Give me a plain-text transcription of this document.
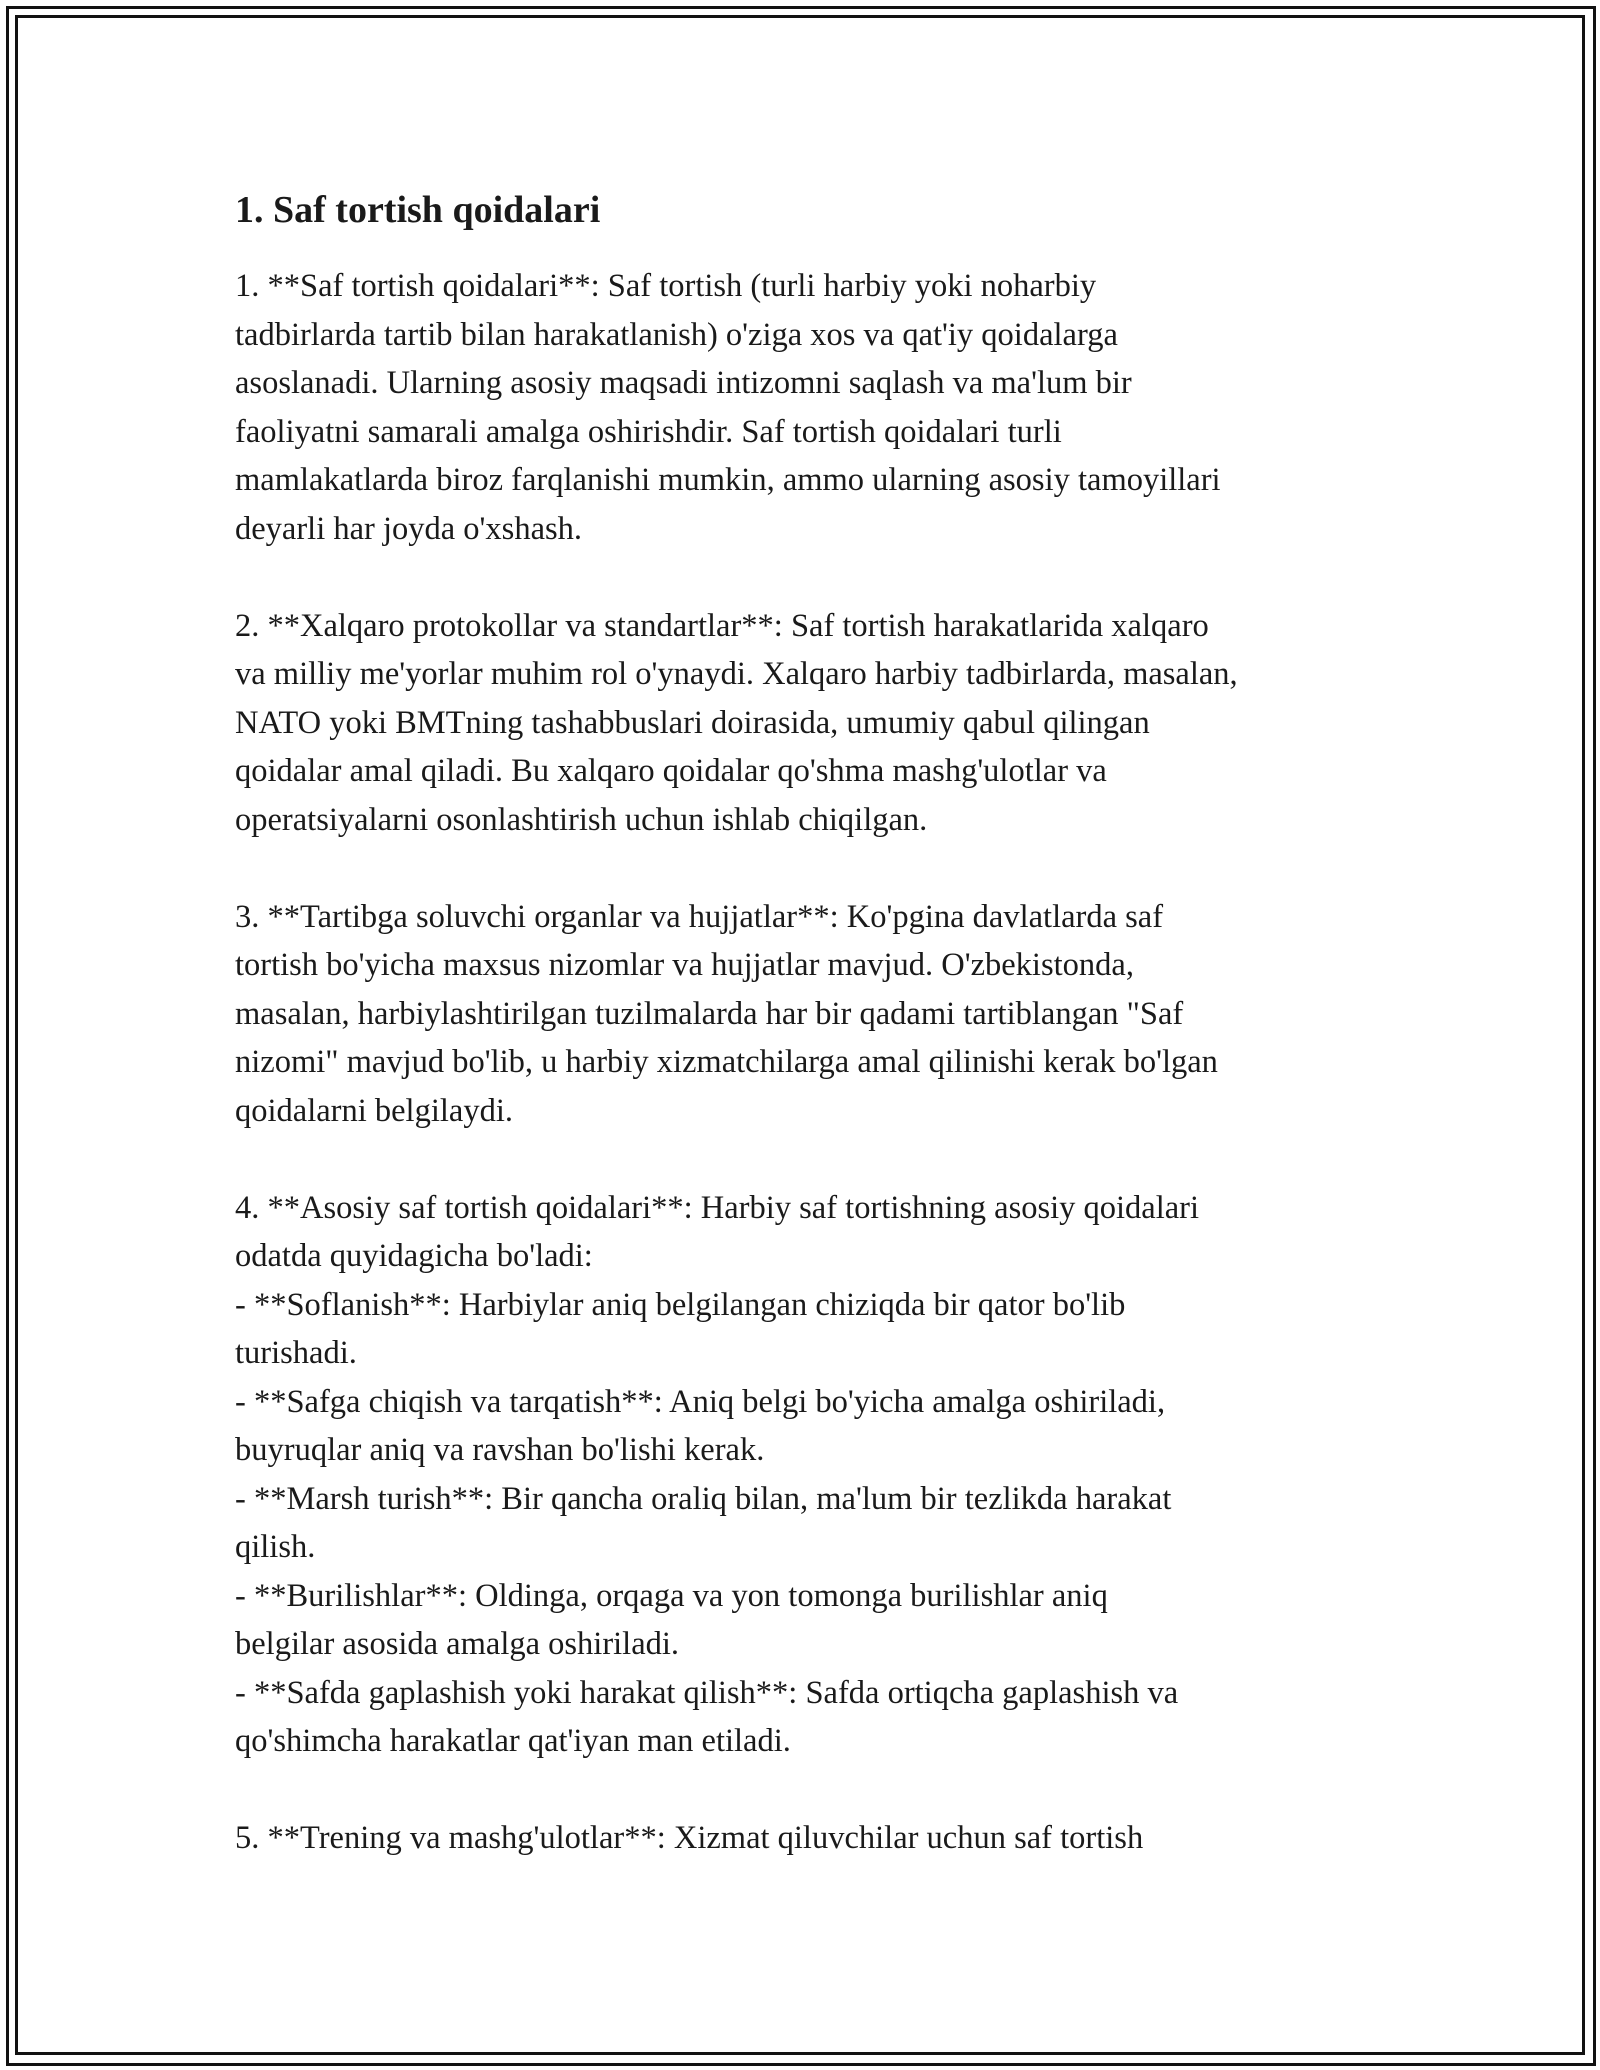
1. Saf tortish qoidalari

1. **Saf tortish qoidalari**: Saf tortish (turli harbiy yoki noharbiy
tadbirlarda tartib bilan harakatlanish) o'ziga xos va qat'iy qoidalarga
asoslanadi. Ularning asosiy maqsadi intizomni saqlash va ma'lum bir
faoliyatni samarali amalga oshirishdir. Saf tortish qoidalari turli
mamlakatlarda biroz farqlanishi mumkin, ammo ularning asosiy tamoyillari
deyarli har joyda o'xshash.

2. **Xalqaro protokollar va standartlar**: Saf tortish harakatlarida xalqaro
va milliy me'yorlar muhim rol o'ynaydi. Xalqaro harbiy tadbirlarda, masalan,
NATO yoki BMTning tashabbuslari doirasida, umumiy qabul qilingan
qoidalar amal qiladi. Bu xalqaro qoidalar qo'shma mashg'ulotlar va
operatsiyalarni osonlashtirish uchun ishlab chiqilgan.

3. **Tartibga soluvchi organlar va hujjatlar**: Ko'pgina davlatlarda saf
tortish bo'yicha maxsus nizomlar va hujjatlar mavjud. O'zbekistonda,
masalan, harbiylashtirilgan tuzilmalarda har bir qadami tartiblangan "Saf
nizomi" mavjud bo'lib, u harbiy xizmatchilarga amal qilinishi kerak bo'lgan
qoidalarni belgilaydi.

4. **Asosiy saf tortish qoidalari**: Harbiy saf tortishning asosiy qoidalari
odatda quyidagicha bo'ladi:
- **Soflanish**: Harbiylar aniq belgilangan chiziqda bir qator bo'lib
turishadi.
- **Safga chiqish va tarqatish**: Aniq belgi bo'yicha amalga oshiriladi,
buyruqlar aniq va ravshan bo'lishi kerak.
- **Marsh turish**: Bir qancha oraliq bilan, ma'lum bir tezlikda harakat
qilish.
- **Burilishlar**: Oldinga, orqaga va yon tomonga burilishlar aniq
belgilar asosida amalga oshiriladi.
- **Safda gaplashish yoki harakat qilish**: Safda ortiqcha gaplashish va
qo'shimcha harakatlar qat'iyan man etiladi.

5. **Trening va mashg'ulotlar**: Xizmat qiluvchilar uchun saf tortish
